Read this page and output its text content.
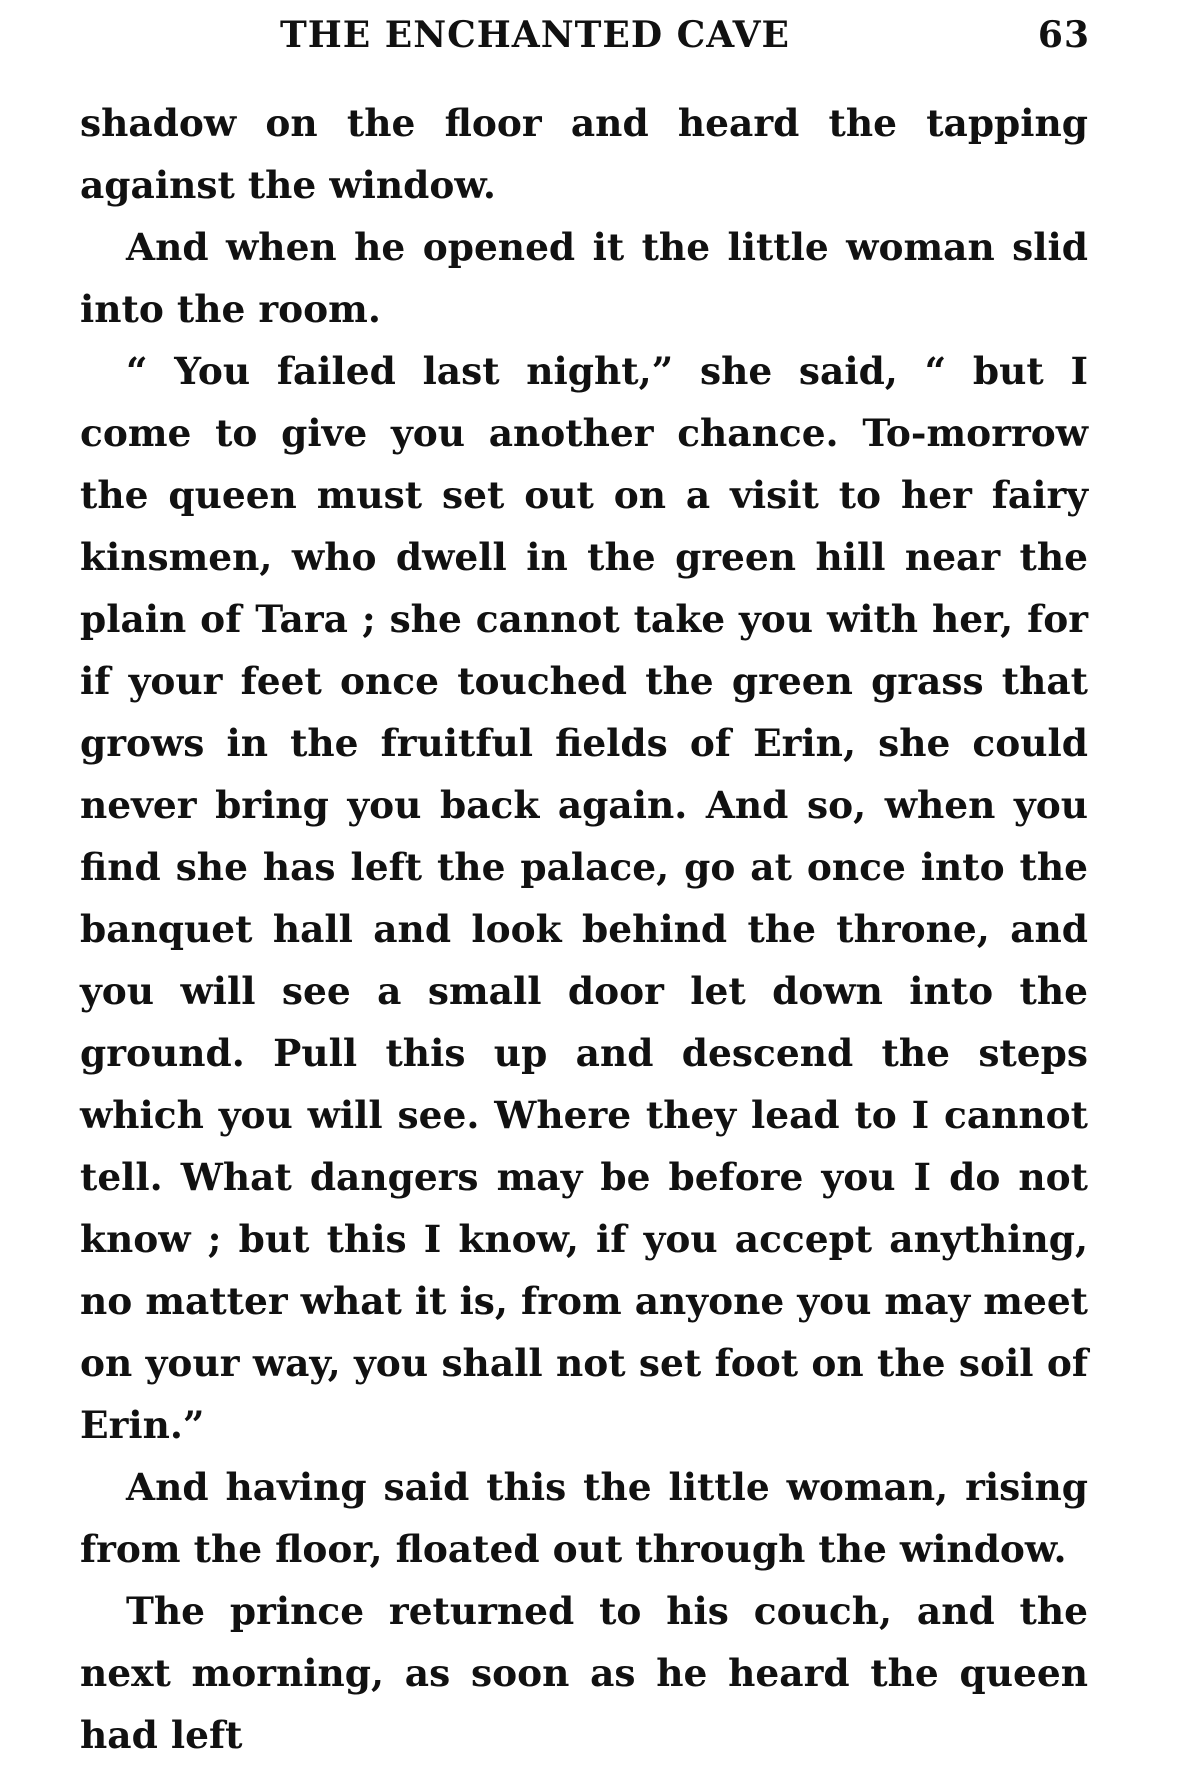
THE ENCHANTED CAVE	63

shadow on the floor and heard the tapping against the window.

And when he opened it the little woman slid into the room.

“ You failed last night,” she said, “ but I come to give you another chance. To-morrow the queen must set out on a visit to her fairy kinsmen, who dwell in the green hill near the plain of Tara ; she cannot take you with her, for if your feet once touched the green grass that grows in the fruitful fields of Erin, she could never bring you back again. And so, when you find she has left the palace, go at once into the banquet hall and look behind the throne, and you will see a small door let down into the ground. Pull this up and descend the steps which you will see. Where they lead to I cannot tell. What dangers may be before you I do not know ; but this I know, if you accept anything, no matter what it is, from anyone you may meet on your way, you shall not set foot on the soil of Erin.”

And having said this the little woman, rising from the floor, floated out through the window.

The prince returned to his couch, and the next morning, as soon as he heard the queen had left
